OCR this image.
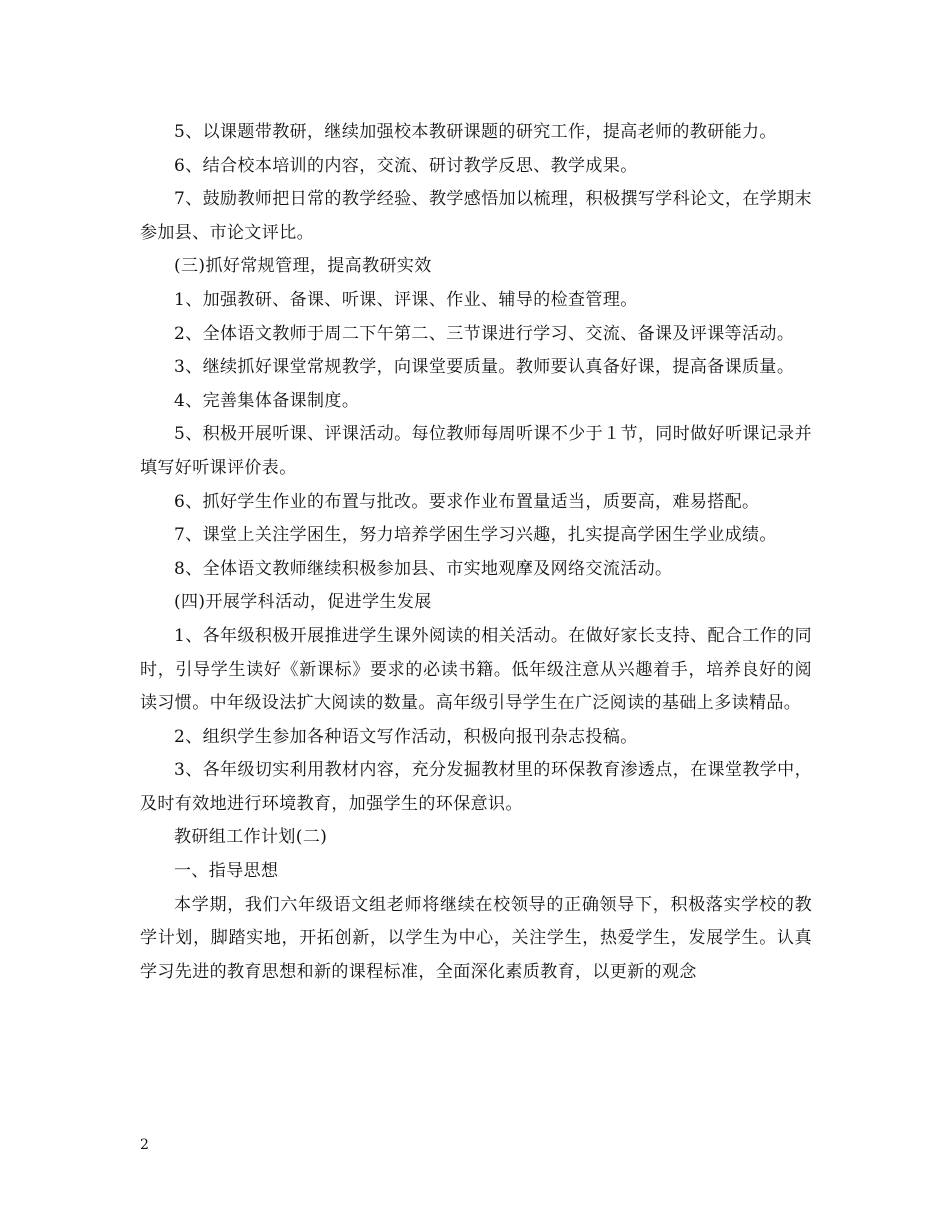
5、以课题带教研，继续加强校本教研课题的研究工作，提高老师的教研能力。

6、结合校本培训的内容，交流、研讨教学反思、教学成果。

7、鼓励教师把日常的教学经验、教学感悟加以梳理，积极撰写学科论文，在学期末参加县、市论文评比。

(三)抓好常规管理，提高教研实效

1、加强教研、备课、听课、评课、作业、辅导的检查管理。

2、全体语文教师于周二下午第二、三节课进行学习、交流、备课及评课等活动。

3、继续抓好课堂常规教学，向课堂要质量。教师要认真备好课，提高备课质量。

4、完善集体备课制度。

5、积极开展听课、评课活动。每位教师每周听课不少于１节，同时做好听课记录并填写好听课评价表。

6、抓好学生作业的布置与批改。要求作业布置量适当，质要高，难易搭配。

7、课堂上关注学困生，努力培养学困生学习兴趣，扎实提高学困生学业成绩。

8、全体语文教师继续积极参加县、市实地观摩及网络交流活动。

(四)开展学科活动，促进学生发展

1、各年级积极开展推进学生课外阅读的相关活动。在做好家长支持、配合工作的同时，引导学生读好《新课标》要求的必读书籍。低年级注意从兴趣着手，培养良好的阅读习惯。中年级设法扩大阅读的数量。高年级引导学生在广泛阅读的基础上多读精品。

2、组织学生参加各种语文写作活动，积极向报刊杂志投稿。

3、各年级切实利用教材内容，充分发掘教材里的环保教育渗透点，在课堂教学中，及时有效地进行环境教育，加强学生的环保意识。

教研组工作计划(二)

一、指导思想

本学期，我们六年级语文组老师将继续在校领导的正确领导下，积极落实学校的教学计划，脚踏实地，开拓创新，以学生为中心，关注学生，热爱学生，发展学生。认真学习先进的教育思想和新的课程标准，全面深化素质教育，以更新的观念

2
